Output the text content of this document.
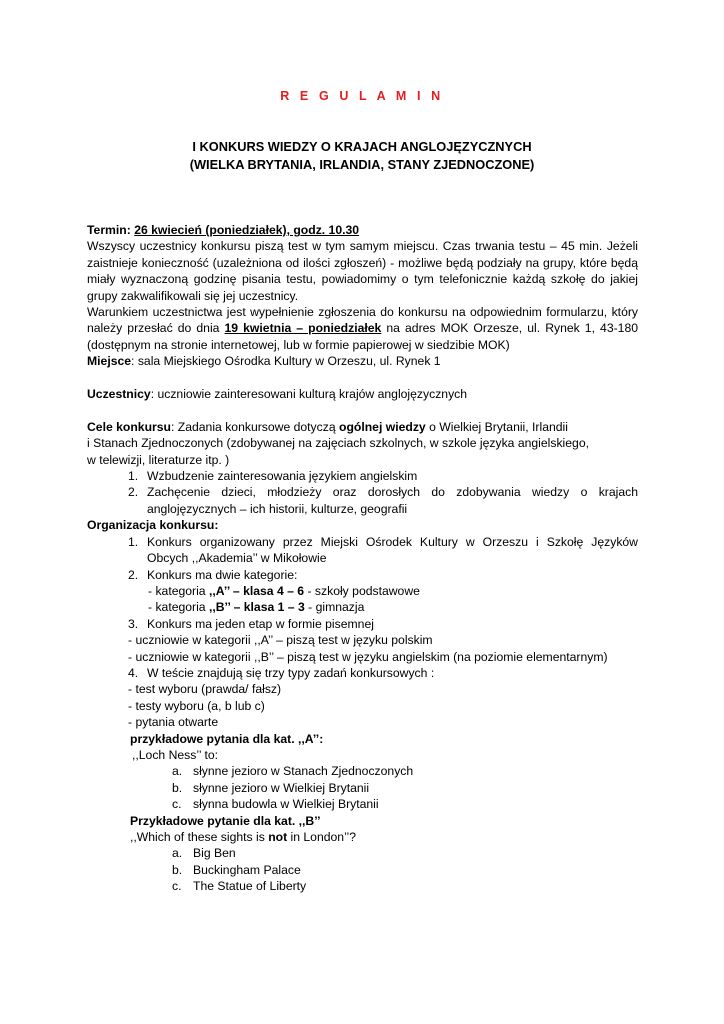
R E G U L A M I N
I KONKURS WIEDZY O KRAJACH ANGLOJĘZYCZNYCH
(WIELKA BRYTANIA, IRLANDIA, STANY ZJEDNOCZONE)
Termin: 26 kwiecień (poniedziałek), godz. 10.30
Wszyscy uczestnicy konkursu piszą test w tym samym miejscu. Czas trwania testu – 45 min. Jeżeli
zaistnieje konieczność (uzależniona od ilości zgłoszeń) - możliwe będą podziały na grupy, które będą
miały wyznaczoną godzinę pisania testu, powiadomimy o tym telefonicznie każdą szkołę do jakiej
grupy zakwalifikowali się jej uczestnicy.
Warunkiem uczestnictwa jest wypełnienie zgłoszenia do konkursu na odpowiednim formularzu, który
należy przesłać do dnia 19 kwietnia – poniedziałek na adres MOK Orzesze, ul. Rynek 1, 43-180
(dostępnym na stronie internetowej, lub w formie papierowej w siedzibie MOK)
Miejsce: sala Miejskiego Ośrodka Kultury w Orzeszu, ul. Rynek 1
Uczestnicy: uczniowie zainteresowani kulturą krajów anglojęzycznych
Cele konkursu: Zadania konkursowe dotyczą ogólnej wiedzy o Wielkiej Brytanii, Irlandii
i Stanach Zjednoczonych (zdobywanej na zajęciach szkolnych, w szkole języka angielskiego,
w telewizji, literaturze itp. )
1. Wzbudzenie zainteresowania językiem angielskim
2. Zachęcenie dzieci, młodzieży oraz dorosłych do zdobywania wiedzy o krajach
anglojęzycznych – ich historii, kulturze, geografii
Organizacja konkursu:
1. Konkurs organizowany przez Miejski Ośrodek Kultury w Orzeszu i Szkołę Języków
Obcych ,,Akademia’’ w Mikołowie
2. Konkurs ma dwie kategorie:
- kategoria ,,A’’ – klasa 4 – 6 - szkoły podstawowe
- kategoria ,,B’’ – klasa 1 – 3 - gimnazja
3. Konkurs ma jeden etap w formie pisemnej
- uczniowie w kategorii ,,A’’ – piszą test w języku polskim
- uczniowie w kategorii ,,B’’ – piszą test w języku angielskim (na poziomie elementarnym)
4. W teście znajdują się trzy typy zadań konkursowych :
- test wyboru (prawda/ fałsz)
- testy wyboru (a, b lub c)
- pytania otwarte
przykładowe pytania dla kat. ,,A’’:
,,Loch Ness’’ to:
a. słynne jezioro w Stanach Zjednoczonych
b. słynne jezioro w Wielkiej Brytanii
c. słynna budowla w Wielkiej Brytanii
Przykładowe pytanie dla kat. ,,B’’
,,Which of these sights is not in London’’?
a. Big Ben
b. Buckingham Palace
c. The Statue of Liberty
